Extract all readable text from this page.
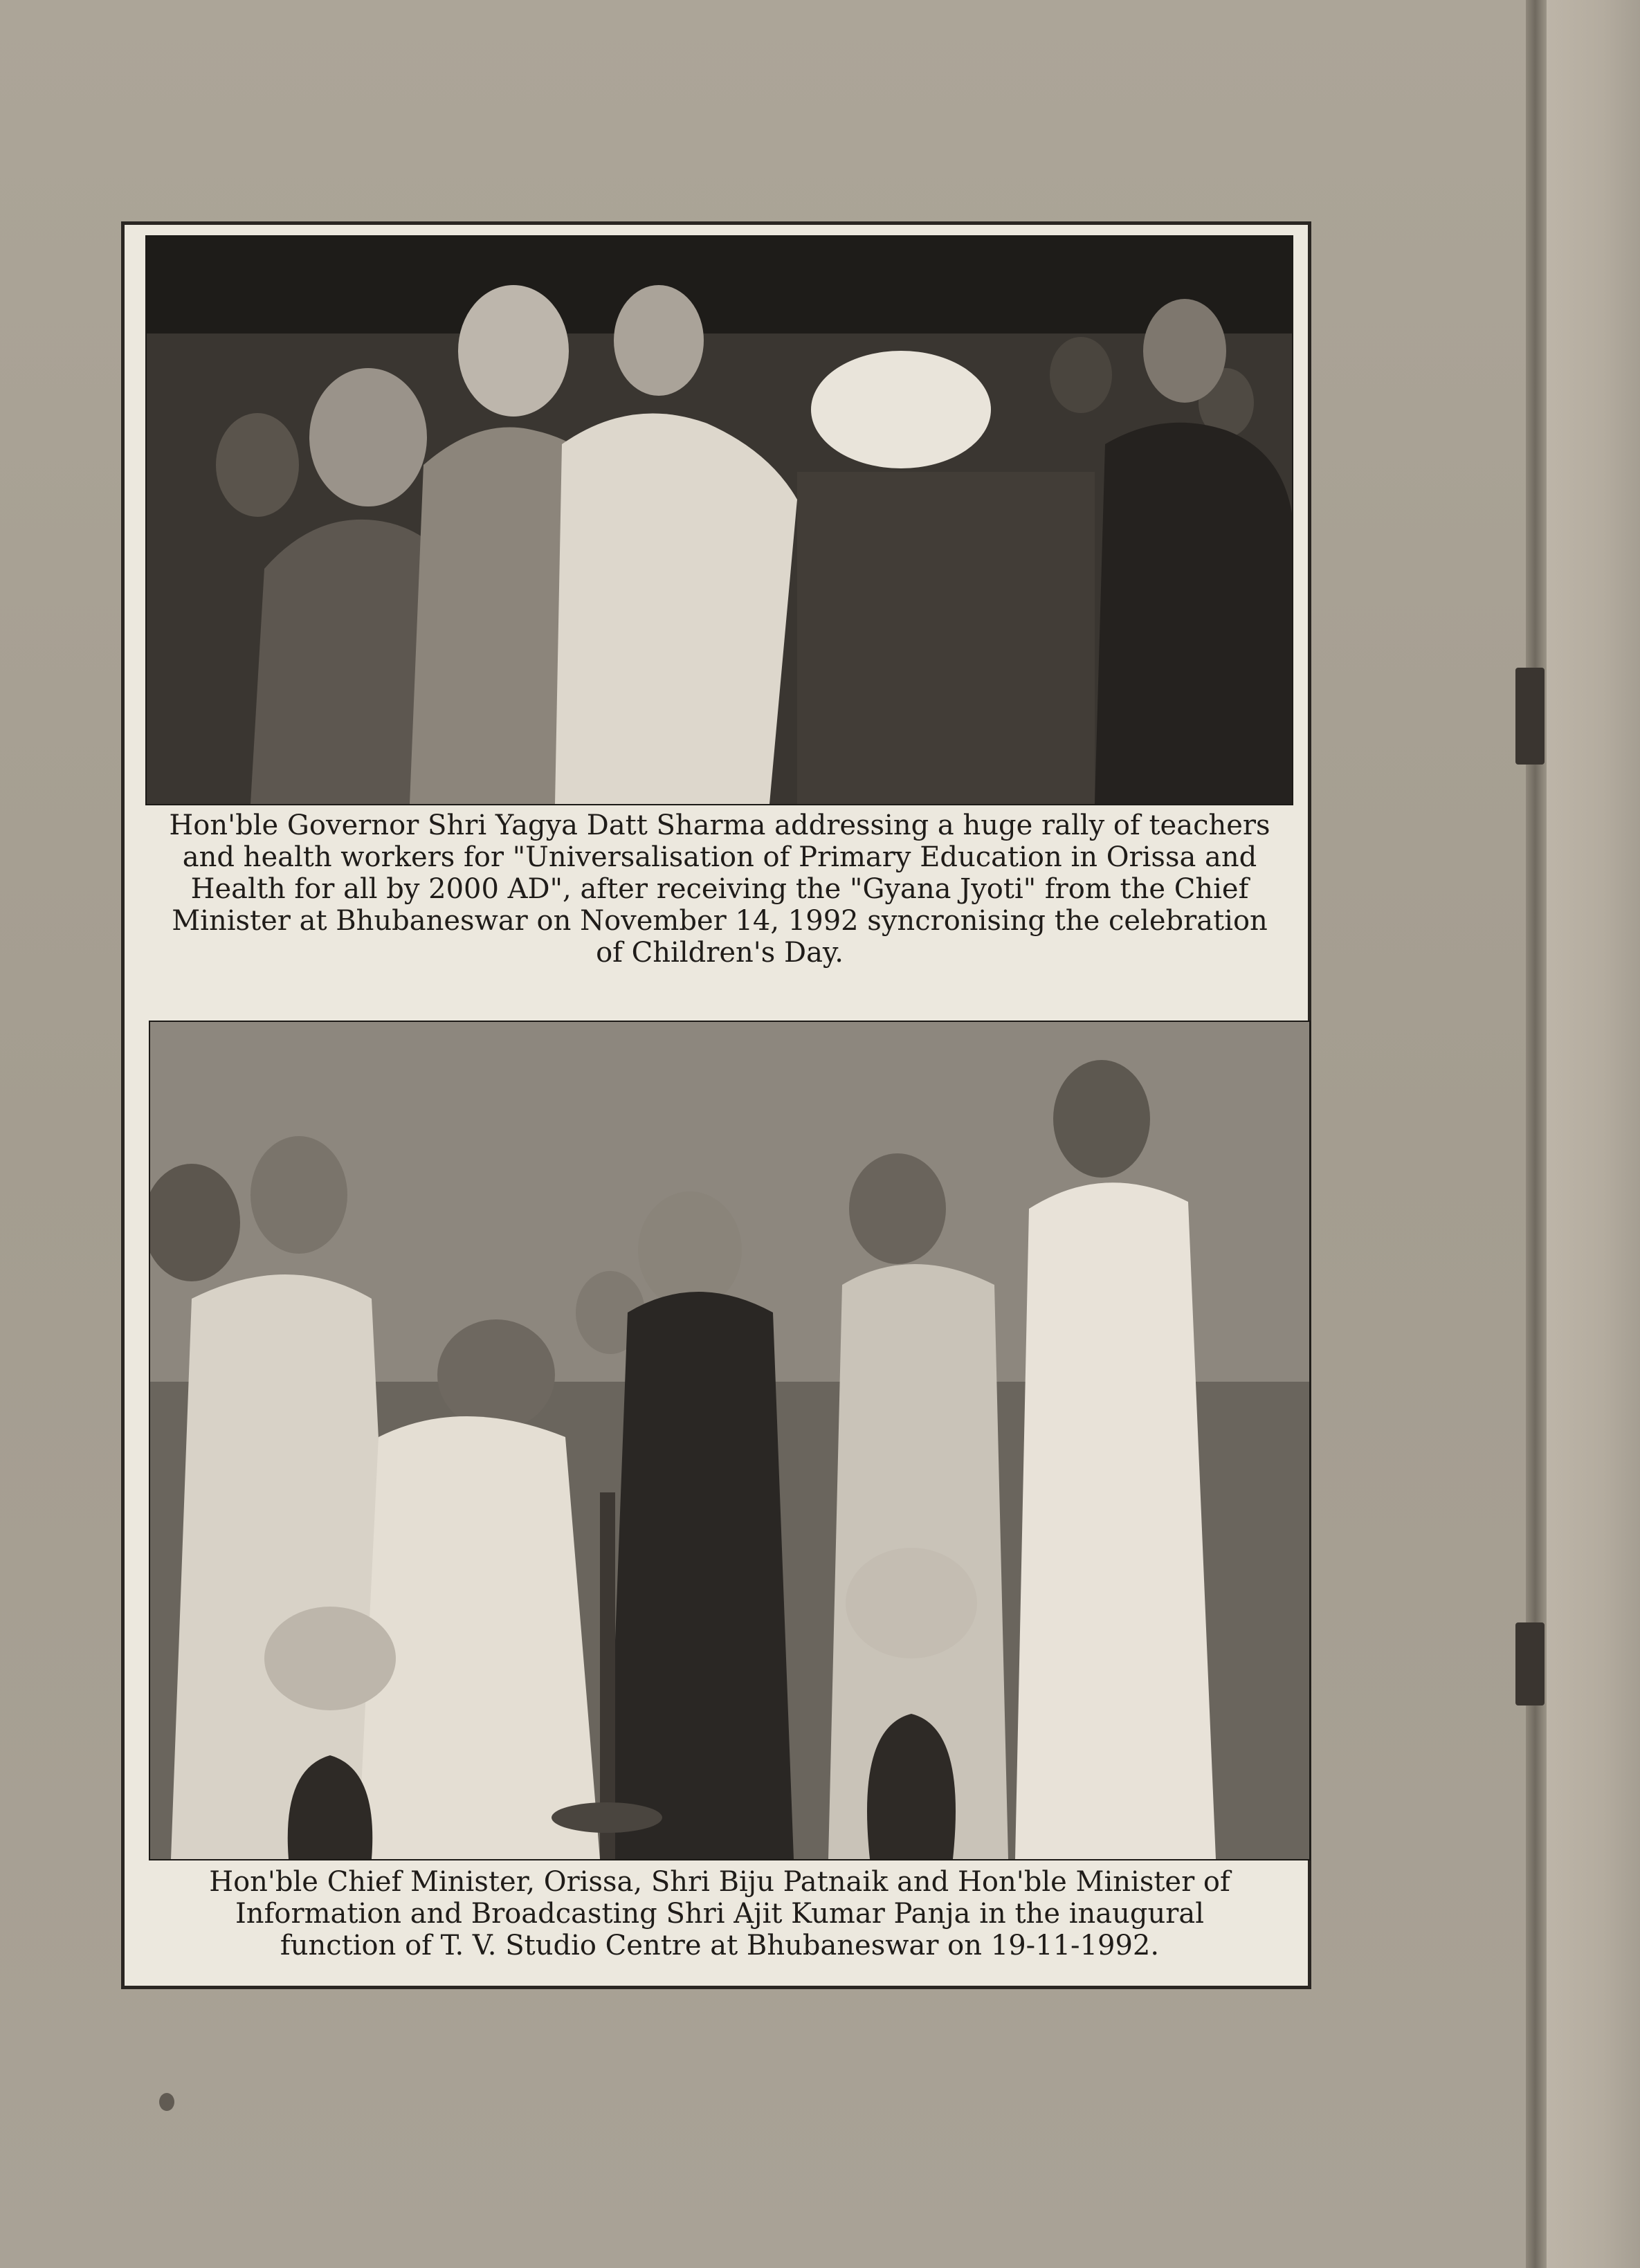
Hon'ble Governor Shri Yagya Datt Sharma addressing a huge rally of teachers
and health workers for "Universalisation of Primary Education in Orissa and
Health for all by 2000 AD", after receiving the "Gyana Jyoti" from the Chief
Minister at Bhubaneswar on November 14, 1992 syncronising the celebration
of Children's Day.
Hon'ble Chief Minister, Orissa, Shri Biju Patnaik and Hon'ble Minister of
Information and Broadcasting Shri Ajit Kumar Panja in the inaugural
function of T. V. Studio Centre at Bhubaneswar on 19-11-1992.
